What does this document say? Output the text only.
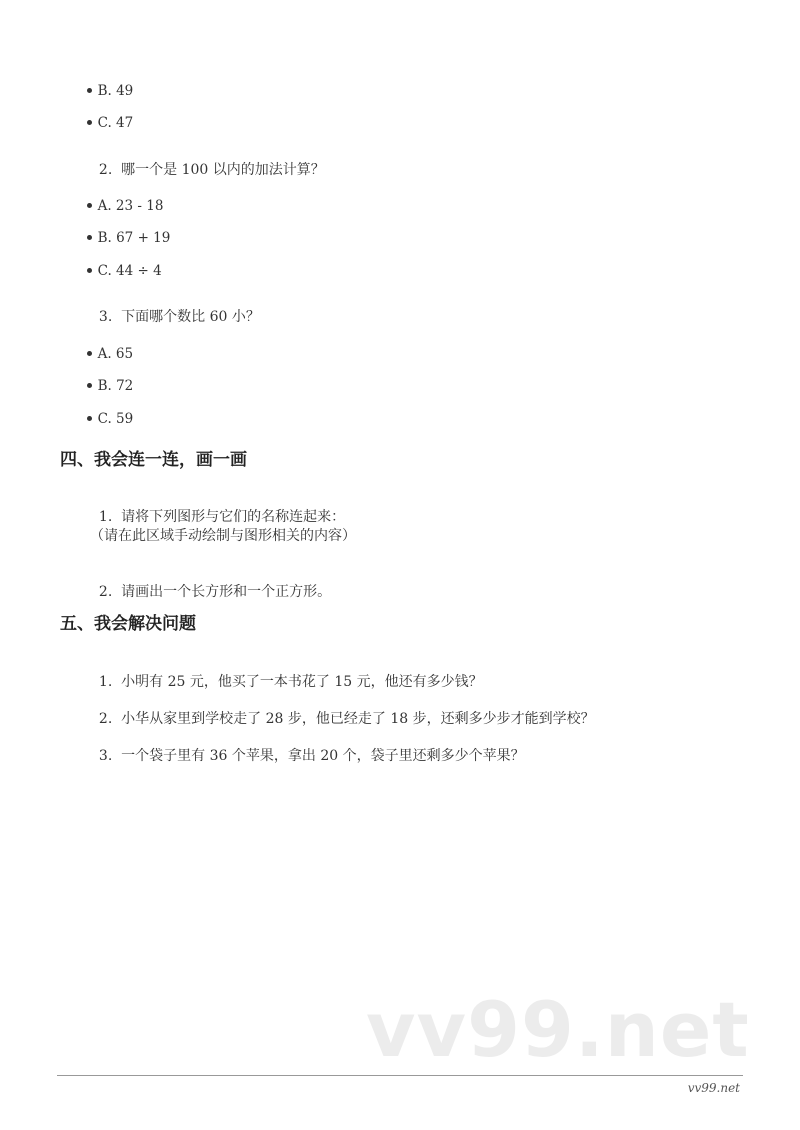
B. 49

C. 47

2. 哪一个是 100 以内的加法计算？

A. 23 - 18

B. 67 + 19

C. 44 ÷ 4

3. 下面哪个数比 60 小？

A. 65

B. 72

C. 59

四、我会连一连，画一画

1. 请将下列图形与它们的名称连起来：

（请在此区域手动绘制与图形相关的内容）

2. 请画出一个长方形和一个正方形。

五、我会解决问题

1. 小明有 25 元，他买了一本书花了 15 元，他还有多少钱？

2. 小华从家里到学校走了 28 步，他已经走了 18 步，还剩多少步才能到学校？

3. 一个袋子里有 36 个苹果，拿出 20 个，袋子里还剩多少个苹果？

vv99.net
vv99.net
